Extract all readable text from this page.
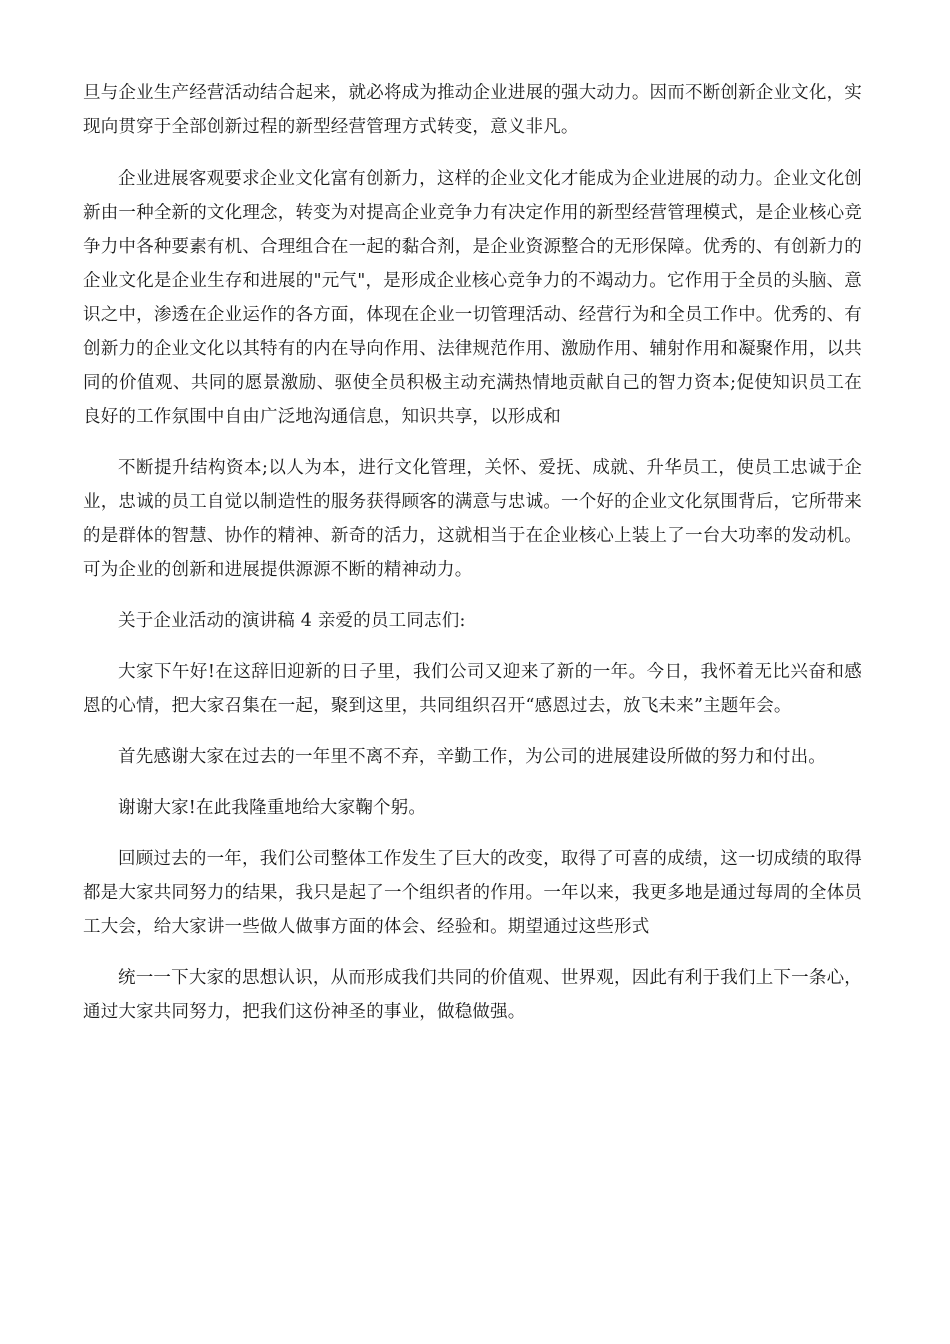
旦与企业生产经营活动结合起来，就必将成为推动企业进展的强大动力。因而不断创新企业文化，实现向贯穿于全部创新过程的新型经营管理方式转变，意义非凡。

企业进展客观要求企业文化富有创新力，这样的企业文化才能成为企业进展的动力。企业文化创新由一种全新的文化理念，转变为对提高企业竞争力有决定作用的新型经营管理模式，是企业核心竞争力中各种要素有机、合理组合在一起的黏合剂，是企业资源整合的无形保障。优秀的、有创新力的企业文化是企业生存和进展的"元气"，是形成企业核心竞争力的不竭动力。它作用于全员的头脑、意识之中，渗透在企业运作的各方面，体现在企业一切管理活动、经营行为和全员工作中。优秀的、有创新力的企业文化以其特有的内在导向作用、法律规范作用、激励作用、辅射作用和凝聚作用，以共同的价值观、共同的愿景激励、驱使全员积极主动充满热情地贡献自己的智力资本;促使知识员工在良好的工作氛围中自由广泛地沟通信息，知识共享，以形成和

不断提升结构资本;以人为本，进行文化管理，关怀、爱抚、成就、升华员工，使员工忠诚于企业，忠诚的员工自觉以制造性的服务获得顾客的满意与忠诚。一个好的企业文化氛围背后，它所带来的是群体的智慧、协作的精神、新奇的活力，这就相当于在企业核心上装上了一台大功率的发动机。可为企业的创新和进展提供源源不断的精神动力。

关于企业活动的演讲稿 4 亲爱的员工同志们:

大家下午好!在这辞旧迎新的日子里，我们公司又迎来了新的一年。今日，我怀着无比兴奋和感恩的心情，把大家召集在一起，聚到这里，共同组织召开“感恩过去，放飞未来”主题年会。

首先感谢大家在过去的一年里不离不弃，辛勤工作，为公司的进展建设所做的努力和付出。

谢谢大家!在此我隆重地给大家鞠个躬。

回顾过去的一年，我们公司整体工作发生了巨大的改变，取得了可喜的成绩，这一切成绩的取得都是大家共同努力的结果，我只是起了一个组织者的作用。一年以来，我更多地是通过每周的全体员工大会，给大家讲一些做人做事方面的体会、经验和。期望通过这些形式

统一一下大家的思想认识，从而形成我们共同的价值观、世界观，因此有利于我们上下一条心，通过大家共同努力，把我们这份神圣的事业，做稳做强。
